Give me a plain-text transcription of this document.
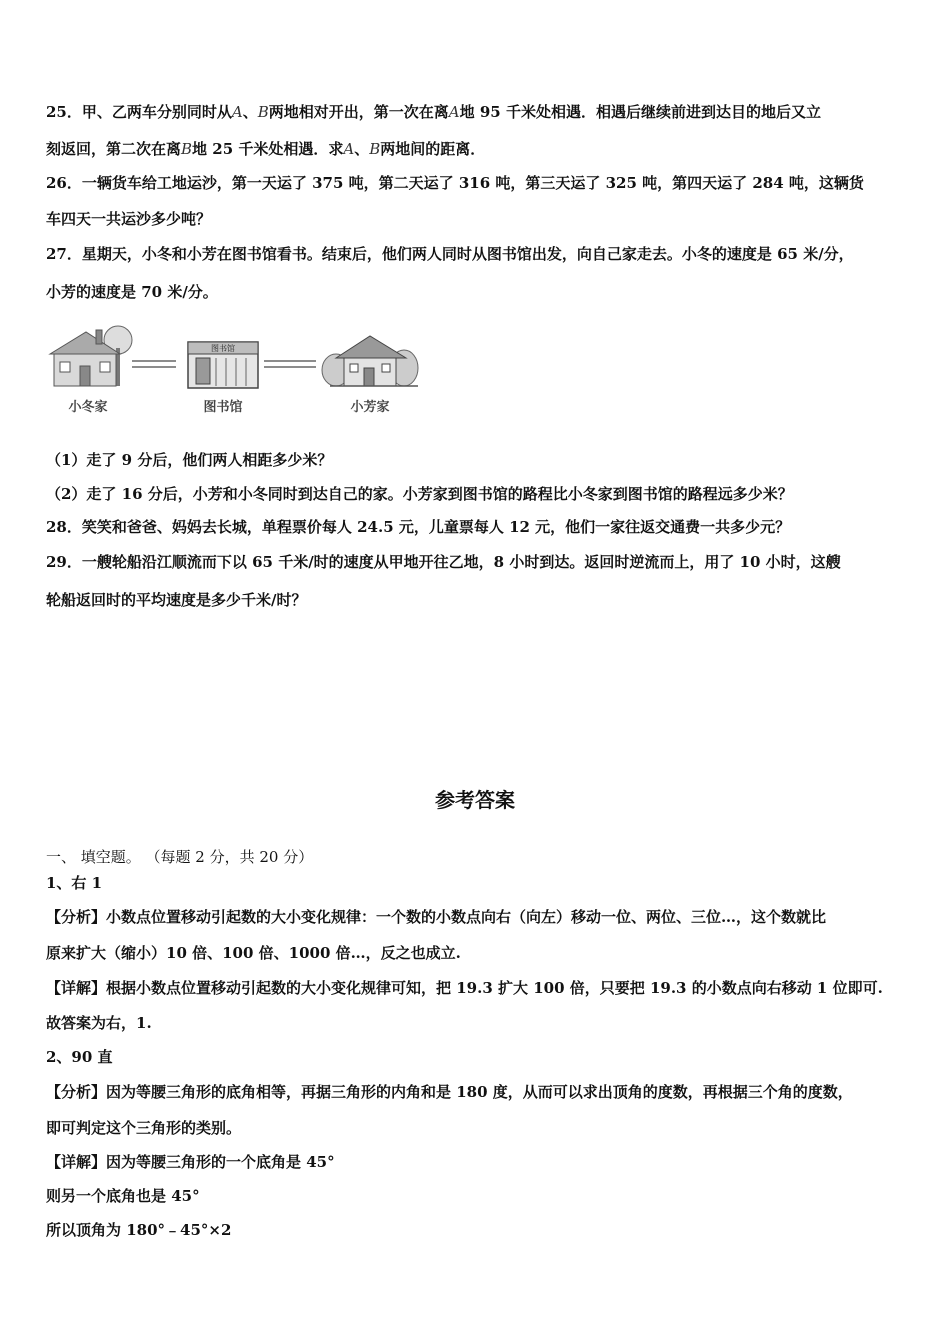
25．甲、乙两车分别同时从A、B两地相对开出，第一次在离A地 95 千米处相遇．相遇后继续前进到达目的地后又立
刻返回，第二次在离B地 25 千米处相遇．求A、B两地间的距离．
26．一辆货车给工地运沙，第一天运了 375 吨，第二天运了 316 吨，第三天运了 325 吨，第四天运了 284 吨，这辆货
车四天一共运沙多少吨？
27．星期天，小冬和小芳在图书馆看书。结束后，他们两人同时从图书馆出发，向自己家走去。小冬的速度是 65 米/分，
小芳的速度是 70 米/分。
图书馆
小冬家	图书馆	小芳家
（1）走了 9 分后，他们两人相距多少米？
（2）走了 16 分后，小芳和小冬同时到达自己的家。小芳家到图书馆的路程比小冬家到图书馆的路程远多少米？
28．笑笑和爸爸、妈妈去长城，单程票价每人 24.5 元，儿童票每人 12 元，他们一家往返交通费一共多少元？
29．一艘轮船沿江顺流而下以 65 千米/时的速度从甲地开往乙地，8 小时到达。返回时逆流而上，用了 10 小时，这艘
轮船返回时的平均速度是多少千米/时？
参考答案
一、 填空题。 （每题 2 分，共 20 分）
1、右 1
【分析】小数点位置移动引起数的大小变化规律：一个数的小数点向右（向左）移动一位、两位、三位…，这个数就比
原来扩大（缩小）10 倍、100 倍、1000 倍…，反之也成立.
【详解】根据小数点位置移动引起数的大小变化规律可知，把 19.3 扩大 100 倍，只要把 19.3 的小数点向右移动 1 位即可.
故答案为右，1.
2、90 直
【分析】因为等腰三角形的底角相等，再据三角形的内角和是 180 度，从而可以求出顶角的度数，再根据三个角的度数，
即可判定这个三角形的类别。
【详解】因为等腰三角形的一个底角是 45°
则另一个底角也是 45°
所以顶角为 180°﹣45°×2
